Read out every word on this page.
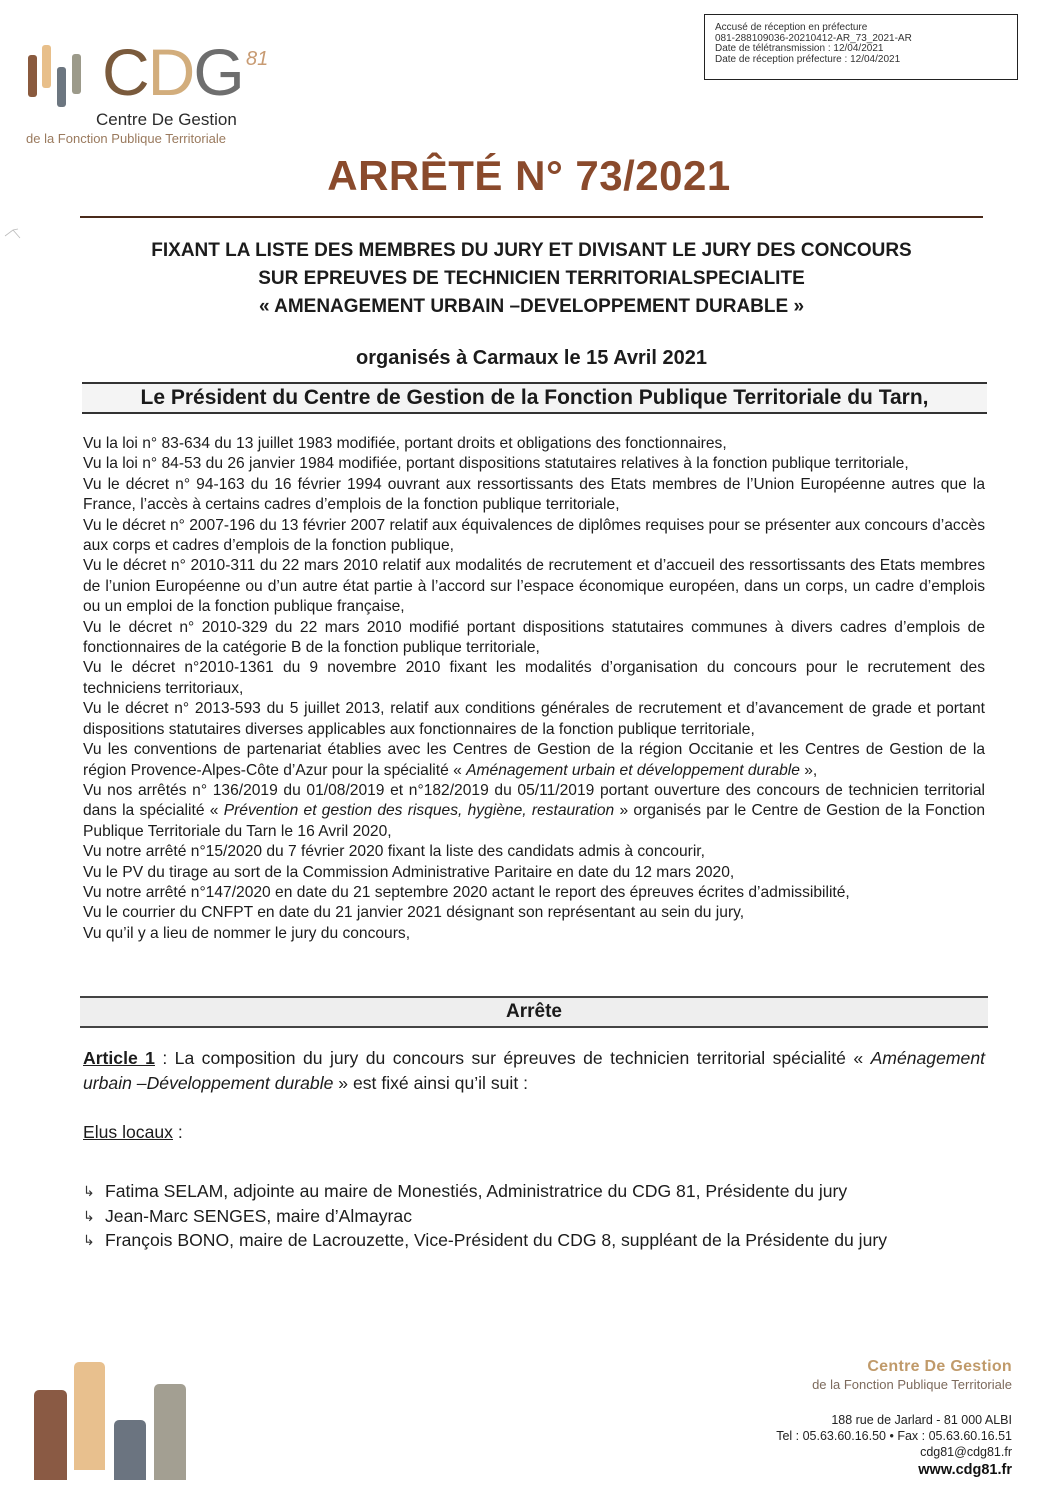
Accusé de réception en préfecture
081-288109036-20210412-AR_73_2021-AR
Date de télétransmission : 12/04/2021
Date de réception préfecture : 12/04/2021
CDG 81
Centre De Gestion
de la Fonction Publique Territoriale
ARRÊTÉ N° 73/2021
FIXANT LA LISTE DES MEMBRES DU JURY ET DIVISANT LE JURY DES CONCOURS
SUR EPREUVES DE TECHNICIEN TERRITORIALSPECIALITE
« AMENAGEMENT URBAIN –DEVELOPPEMENT DURABLE »
organisés à Carmaux le 15 Avril 2021
Le Président du Centre de Gestion de la Fonction Publique Territoriale du Tarn,

Vu la loi n° 83-634 du 13 juillet 1983 modifiée, portant droits et obligations des fonctionnaires,

Vu la loi n° 84-53 du 26 janvier 1984 modifiée, portant dispositions statutaires relatives à la fonction publique territoriale,

Vu le décret n° 94-163 du 16 février 1994 ouvrant aux ressortissants des Etats membres de l’Union Européenne autres que la France, l’accès à certains cadres d’emplois de la fonction publique territoriale,

Vu le décret n° 2007-196 du 13 février 2007 relatif aux équivalences de diplômes requises pour se présenter aux concours d’accès aux corps et cadres d’emplois de la fonction publique,

Vu le décret n° 2010-311 du 22 mars 2010 relatif aux modalités de recrutement et d’accueil des ressortissants des Etats membres de l’union Européenne ou d’un autre état partie à l’accord sur l’espace économique européen, dans un corps, un cadre d’emplois ou un emploi de la fonction publique française,

Vu le décret n° 2010-329 du 22 mars 2010 modifié portant dispositions statutaires communes à divers cadres d’emplois de fonctionnaires de la catégorie B de la fonction publique territoriale,

Vu le décret n°2010-1361 du 9 novembre 2010 fixant les modalités d’organisation du concours pour le recrutement des techniciens territoriaux,

Vu le décret n° 2013-593 du 5 juillet 2013, relatif aux conditions générales de recrutement et d’avancement de grade et portant dispositions statutaires diverses applicables aux fonctionnaires de la fonction publique territoriale,

Vu les conventions de partenariat établies avec les Centres de Gestion de la région Occitanie et les Centres de Gestion de la région Provence-Alpes-Côte d’Azur pour la spécialité « Aménagement urbain et développement durable »,

Vu nos arrêtés n° 136/2019 du 01/08/2019 et n°182/2019 du 05/11/2019 portant ouverture des concours de technicien territorial dans la spécialité « Prévention et gestion des risques, hygiène, restauration » organisés par le Centre de Gestion de la Fonction Publique Territoriale du Tarn le 16 Avril 2020,

Vu notre arrêté n°15/2020 du 7 février 2020 fixant la liste des candidats admis à concourir,

Vu le PV du tirage au sort de la Commission Administrative Paritaire en date du 12 mars 2020,

Vu notre arrêté n°147/2020 en date du 21 septembre 2020 actant le report des épreuves écrites d’admissibilité,

Vu le courrier du CNFPT en date du 21 janvier 2021 désignant son représentant au sein du jury,

Vu qu’il y a lieu de nommer le jury du concours,

Arrête
Article 1 : La composition du jury du concours sur épreuves de technicien territorial spécialité « Aménagement urbain –Développement durable » est fixé ainsi qu’il suit :
Elus locaux :
↳ Fatima SELAM, adjointe au maire de Monestiés, Administratrice du CDG 81, Présidente du jury
↳ Jean-Marc SENGES, maire d’Almayrac
↳ François BONO, maire de Lacrouzette, Vice-Président du CDG 8, suppléant de la Présidente du jury
Centre De Gestion
de la Fonction Publique Territoriale
188 rue de Jarlard - 81 000 ALBI
Tel : 05.63.60.16.50 • Fax : 05.63.60.16.51
cdg81@cdg81.fr
www.cdg81.fr
